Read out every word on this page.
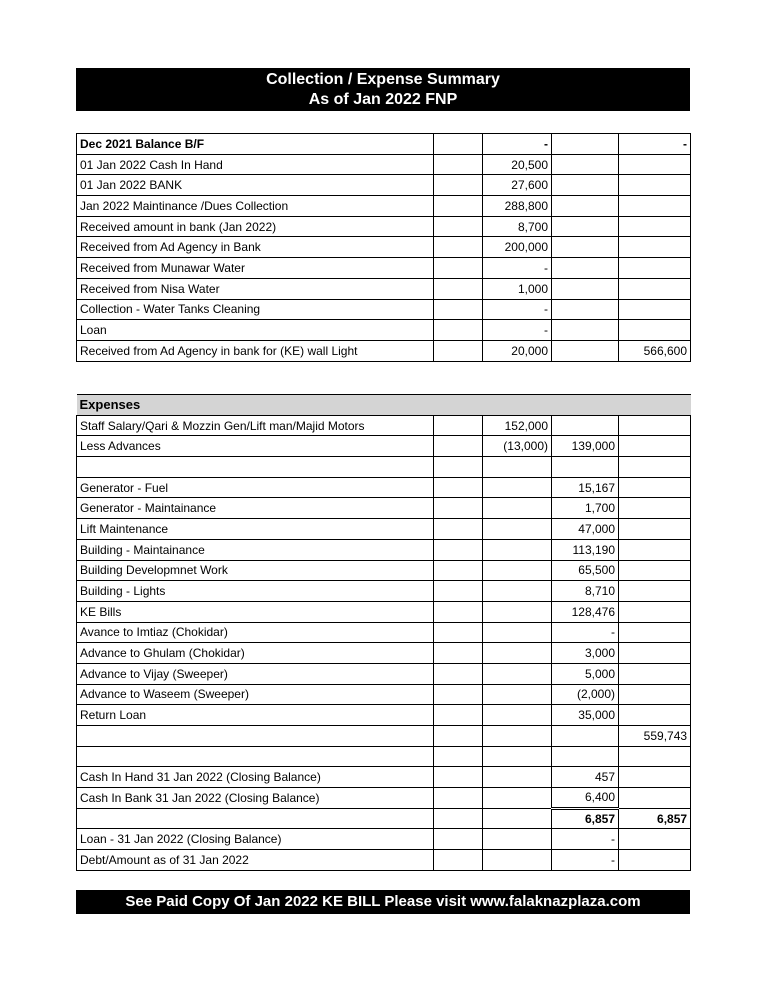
Collection / Expense Summary
As of Jan 2022 FNP
Dec 2021 Balance B/F		-		-
01 Jan 2022 Cash In Hand		20,500		
01 Jan 2022 BANK		27,600		
Jan 2022 Maintinance /Dues Collection		288,800		
Received amount in bank (Jan 2022)		8,700		
Received from Ad Agency in Bank		200,000		
Received from Munawar Water		-		
Received from Nisa Water		1,000		
Collection - Water Tanks Cleaning		-		
Loan		-		
Received from Ad Agency in bank for (KE) wall Light		20,000		566,600
Expenses				
Staff Salary/Qari & Mozzin Gen/Lift man/Majid Motors		152,000		
Less Advances		(13,000)	139,000	

Generator - Fuel			15,167	
Generator - Maintainance			1,700	
Lift Maintenance			47,000	
Building - Maintainance			113,190	
Building Developmnet Work			65,500	
Building - Lights			8,710	
KE Bills			128,476	
Avance to Imtiaz (Chokidar)			-	
Advance to Ghulam (Chokidar)			3,000	
Advance to Vijay (Sweeper)			5,000	
Advance to Waseem (Sweeper)			(2,000)	
Return Loan			35,000	
				559,743

Cash In Hand 31 Jan 2022 (Closing Balance)			457	
Cash In Bank 31 Jan 2022 (Closing Balance)			6,400	
			6,857	6,857
Loan - 31 Jan 2022 (Closing Balance)			-	
Debt/Amount as of 31 Jan 2022			-	
See Paid Copy Of Jan 2022 KE BILL Please visit www.falaknazplaza.com
